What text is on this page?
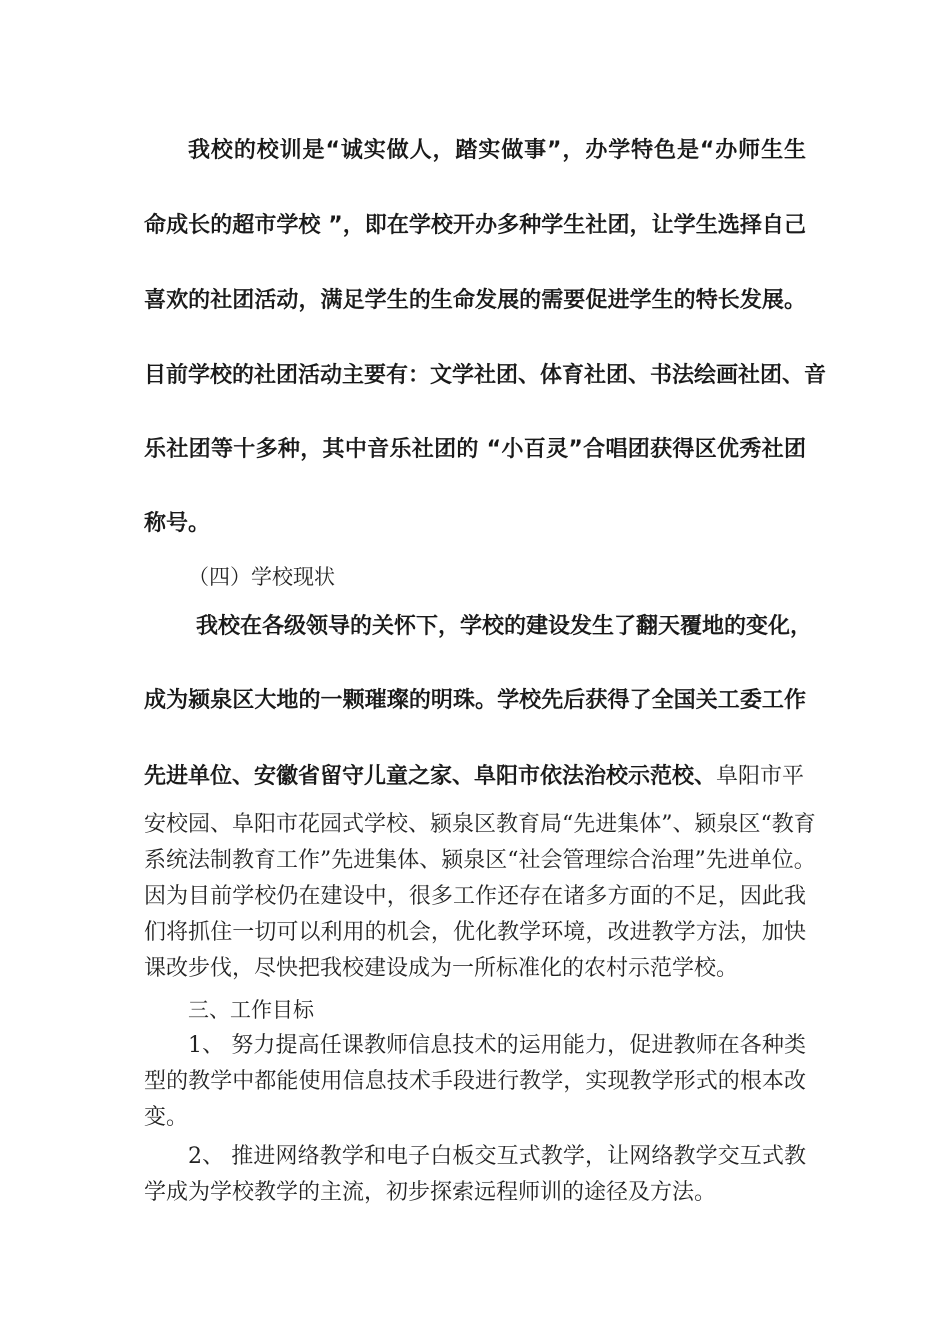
我校的校训是“诚实做人，踏实做事”，办学特色是“办师生生
命成长的超市学校 ”，即在学校开办多种学生社团，让学生选择自己
喜欢的社团活动，满足学生的生命发展的需要促进学生的特长发展。
目前学校的社团活动主要有：文学社团、体育社团、书法绘画社团、音
乐社团等十多种，其中音乐社团的 “小百灵”合唱团获得区优秀社团
称号。
（四）学校现状
我校在各级领导的关怀下，学校的建设发生了翻天覆地的变化，
成为颍泉区大地的一颗璀璨的明珠。学校先后获得了全国关工委工作
先进单位、安徽省留守儿童之家、阜阳市依法治校示范校、阜阳市平
安校园、阜阳市花园式学校、颍泉区教育局“先进集体”、颍泉区“教育
系统法制教育工作”先进集体、颍泉区“社会管理综合治理”先进单位。
因为目前学校仍在建设中，很多工作还存在诸多方面的不足，因此我
们将抓住一切可以利用的机会，优化教学环境，改进教学方法，加快
课改步伐，尽快把我校建设成为一所标准化的农村示范学校。
三、工作目标
1、 努力提高任课教师信息技术的运用能力，促进教师在各种类
型的教学中都能使用信息技术手段进行教学，实现教学形式的根本改
变。
2、 推进网络教学和电子白板交互式教学，让网络教学交互式教
学成为学校教学的主流，初步探索远程师训的途径及方法。
